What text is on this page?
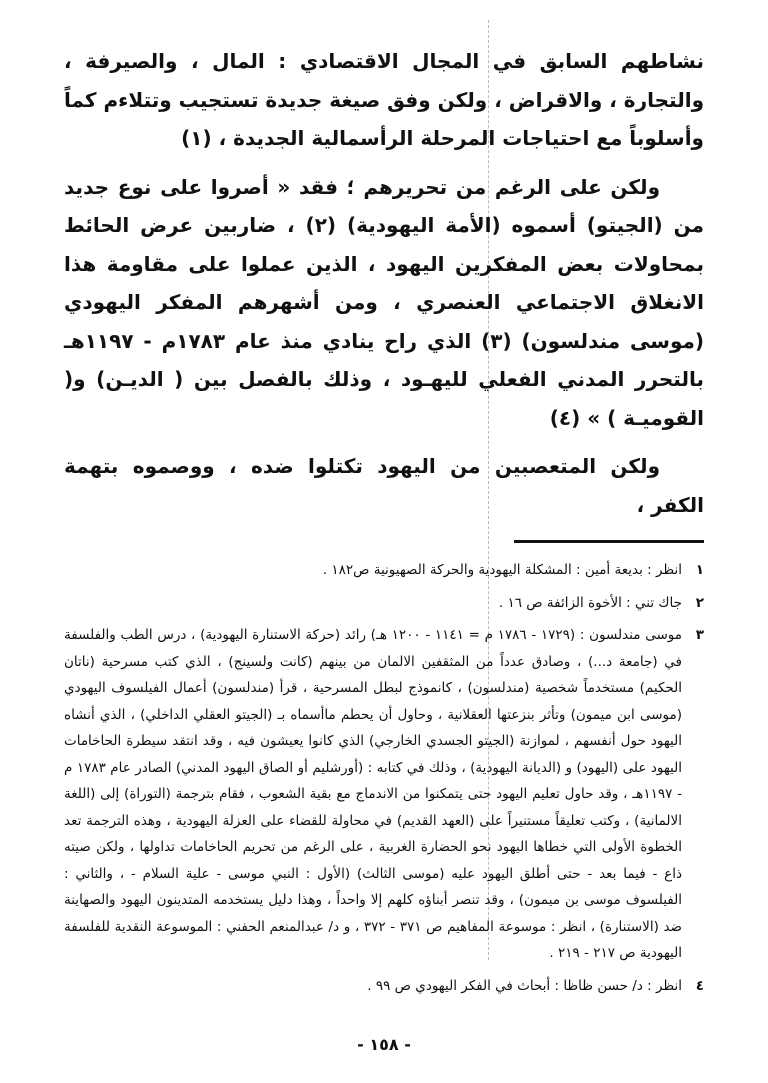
نشاطهم السابق في المجال الاقتصادي : المال ، والصيرفة ، والتجارة ، والاقراض ، ولكن وفق صيغة جديدة تستجيب وتتلاءم كماً وأسلوباً مع احتياجات المرحلة الرأسمالية الجديدة ، (١)

ولكن على الرغم من تحريرهم ؛ فقد « أصروا على نوع جديد من (الجيتو) أسموه (الأمة اليهودية) (٢) ، ضاربين عرض الحائط بمحاولات بعض المفكرين اليهود ، الذين عملوا على مقاومة هذا الانغلاق الاجتماعي العنصري ، ومن أشهرهم المفكر اليهودي (موسى مندلسون) (٣) الذي راح ينادي منذ عام ١٧٨٣م - ١١٩٧هـ بالتحرر المدني الفعلي لليهـود ، وذلك بالفصل بين ( الديـن) و( القوميـة ) » (٤)

ولكن المتعصبين من اليهود تكتلوا ضده ، ووصموه بتهمة الكفر ،

١
انظر : بديعة أمين : المشكلة اليهودية والحركة الصهيونية ص١٨٢ .
٢
جاك تني : الأخوة الزائفة ص ١٦ .
٣
موسى مندلسون : (١٧٢٩ - ١٧٨٦ م = ١١٤١ - ١٢٠٠ هـ) رائد (حركة الاستنارة اليهودية) ، درس الطب والفلسفة في (جامعة د...) ، وصادق عدداً من المثقفين الالمان من بينهم (كانت ولسينج) ، الذي كتب مسرحية (ناتان الحكيم) مستخدماً شخصية (مندلسون) ، كانموذج لبطل المسرحية ، قرأ (مندلسون) أعمال الفيلسوف اليهودي (موسى ابن ميمون) وتأثر بنزعتها العقلانية ، وحاول أن يحطم ماأسماه بـ (الجيتو العقلي الداخلي) ، الذي أنشاه اليهود حول أنفسهم ، لموازنة (الجيتو الجسدي الخارجي) الذي كانوا يعيشون فيه ، وقد انتقد سيطرة الحاخامات اليهود على (اليهود) و (الديانة اليهودية) ، وذلك في كتابه : (أورشليم أو الصاق اليهود المدني) الصادر عام ١٧٨٣ م - ١١٩٧هـ ، وقد حاول تعليم اليهود حتى يتمكنوا من الاندماج مع بقية الشعوب ، فقام بترجمة (التوراة) إلى (اللغة الالمانية) ، وكتب تعليقاً مستنيراً على (العهد القديم) في محاولة للقضاء على العزلة اليهودية ، وهذه الترجمة تعد الخطوة الأولى التي خطاها اليهود نحو الحضارة الغربية ، على الرغم من تحريم الحاخامات تداولها ، ولكن صيته ذاع - فيما بعد - حتى أطلق اليهود عليه (موسى الثالث) (الأول : النبي موسى - علية السلام - ، والثاني : الفيلسوف موسى بن ميمون) ، وقد تنصر أبناؤه كلهم إلا واحداً ، وهذا دليل يستخدمه المتدينون اليهود والصهاينة ضد (الاستنارة) ، انظر : موسوعة المفاهيم ص ٣٧١ - ٣٧٢ ، و د/ عبدالمنعم الحفني : الموسوعة النقدية للفلسفة اليهودية ص ٢١٧ - ٢١٩ .
٤
انظر : د/ حسن ظاظا : أبحاث في الفكر اليهودي ص ٩٩ .
- ١٥٨ -
